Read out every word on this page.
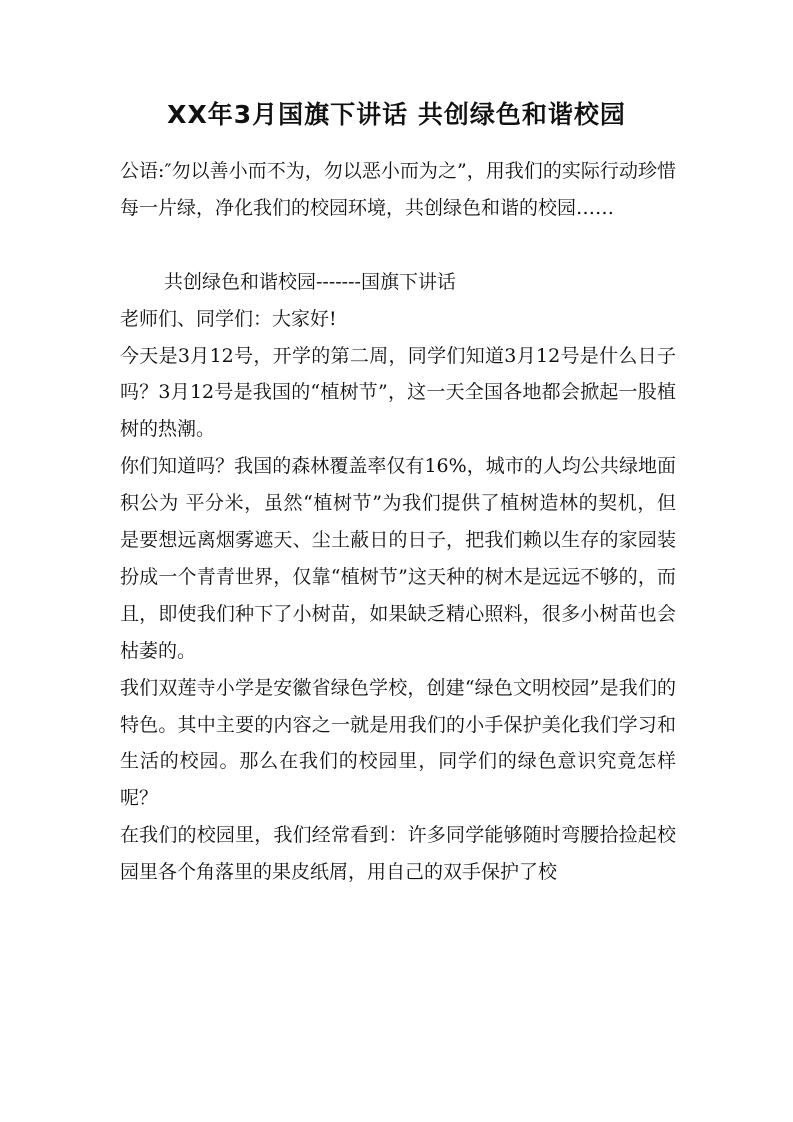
XX年3月国旗下讲话 共创绿色和谐校园

公语:″勿以善小而不为，勿以恶小而为之”，用我们的实际行动珍惜每一片绿，净化我们的校园环境，共创绿色和谐的校园……

共创绿色和谐校园-------国旗下讲话

老师们、同学们：大家好!

今天是3月12号，开学的第二周，同学们知道3月12号是什么日子吗？3月12号是我国的“植树节”，这一天全国各地都会掀起一股植树的热潮。

你们知道吗？我国的森林覆盖率仅有16%，城市的人均公共绿地面积公为 平分米，虽然“植树节”为我们提供了植树造林的契机，但是要想远离烟雾遮天、尘土蔽日的日子，把我们赖以生存的家园装扮成一个青青世界，仅靠“植树节”这天种的树木是远远不够的，而且，即使我们种下了小树苗，如果缺乏精心照料，很多小树苗也会枯萎的。

我们双莲寺小学是安徽省绿色学校，创建“绿色文明校园”是我们的特色。其中主要的内容之一就是用我们的小手保护美化我们学习和生活的校园。那么在我们的校园里，同学们的绿色意识究竟怎样呢？

在我们的校园里，我们经常看到：许多同学能够随时弯腰拾捡起校园里各个角落里的果皮纸屑，用自己的双手保护了校
